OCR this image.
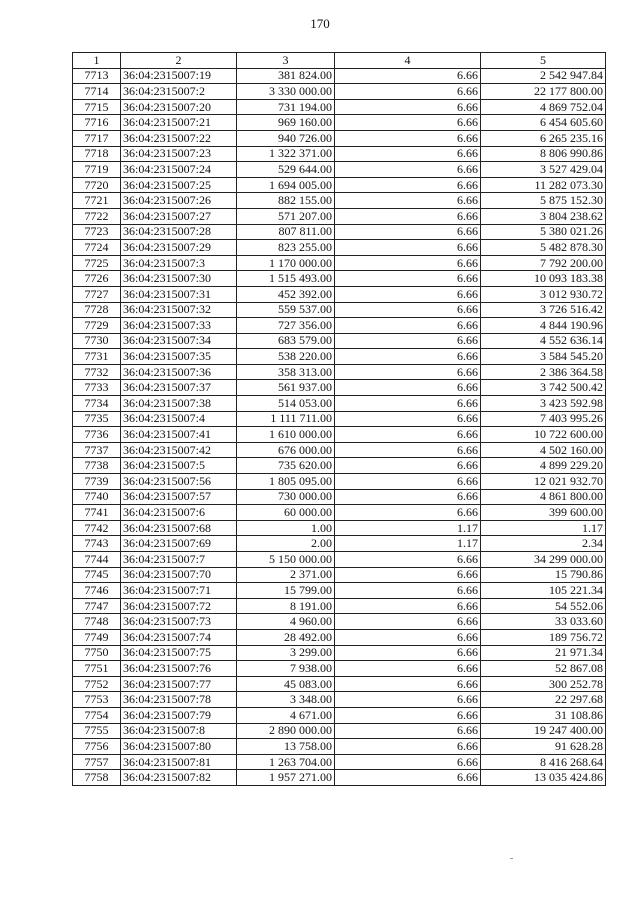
170
1	2	3	4	5
7713	36:04:2315007:19	381 824.00	6.66	2 542 947.84
7714	36:04:2315007:2	3 330 000.00	6.66	22 177 800.00
7715	36:04:2315007:20	731 194.00	6.66	4 869 752.04
7716	36:04:2315007:21	969 160.00	6.66	6 454 605.60
7717	36:04:2315007:22	940 726.00	6.66	6 265 235.16
7718	36:04:2315007:23	1 322 371.00	6.66	8 806 990.86
7719	36:04:2315007:24	529 644.00	6.66	3 527 429.04
7720	36:04:2315007:25	1 694 005.00	6.66	11 282 073.30
7721	36:04:2315007:26	882 155.00	6.66	5 875 152.30
7722	36:04:2315007:27	571 207.00	6.66	3 804 238.62
7723	36:04:2315007:28	807 811.00	6.66	5 380 021.26
7724	36:04:2315007:29	823 255.00	6.66	5 482 878.30
7725	36:04:2315007:3	1 170 000.00	6.66	7 792 200.00
7726	36:04:2315007:30	1 515 493.00	6.66	10 093 183.38
7727	36:04:2315007:31	452 392.00	6.66	3 012 930.72
7728	36:04:2315007:32	559 537.00	6.66	3 726 516.42
7729	36:04:2315007:33	727 356.00	6.66	4 844 190.96
7730	36:04:2315007:34	683 579.00	6.66	4 552 636.14
7731	36:04:2315007:35	538 220.00	6.66	3 584 545.20
7732	36:04:2315007:36	358 313.00	6.66	2 386 364.58
7733	36:04:2315007:37	561 937.00	6.66	3 742 500.42
7734	36:04:2315007:38	514 053.00	6.66	3 423 592.98
7735	36:04:2315007:4	1 111 711.00	6.66	7 403 995.26
7736	36:04:2315007:41	1 610 000.00	6.66	10 722 600.00
7737	36:04:2315007:42	676 000.00	6.66	4 502 160.00
7738	36:04:2315007:5	735 620.00	6.66	4 899 229.20
7739	36:04:2315007:56	1 805 095.00	6.66	12 021 932.70
7740	36:04:2315007:57	730 000.00	6.66	4 861 800.00
7741	36:04:2315007:6	60 000.00	6.66	399 600.00
7742	36:04:2315007:68	1.00	1.17	1.17
7743	36:04:2315007:69	2.00	1.17	2.34
7744	36:04:2315007:7	5 150 000.00	6.66	34 299 000.00
7745	36:04:2315007:70	2 371.00	6.66	15 790.86
7746	36:04:2315007:71	15 799.00	6.66	105 221.34
7747	36:04:2315007:72	8 191.00	6.66	54 552.06
7748	36:04:2315007:73	4 960.00	6.66	33 033.60
7749	36:04:2315007:74	28 492.00	6.66	189 756.72
7750	36:04:2315007:75	3 299.00	6.66	21 971.34
7751	36:04:2315007:76	7 938.00	6.66	52 867.08
7752	36:04:2315007:77	45 083.00	6.66	300 252.78
7753	36:04:2315007:78	3 348.00	6.66	22 297.68
7754	36:04:2315007:79	4 671.00	6.66	31 108.86
7755	36:04:2315007:8	2 890 000.00	6.66	19 247 400.00
7756	36:04:2315007:80	13 758.00	6.66	91 628.28
7757	36:04:2315007:81	1 263 704.00	6.66	8 416 268.64
7758	36:04:2315007:82	1 957 271.00	6.66	13 035 424.86
